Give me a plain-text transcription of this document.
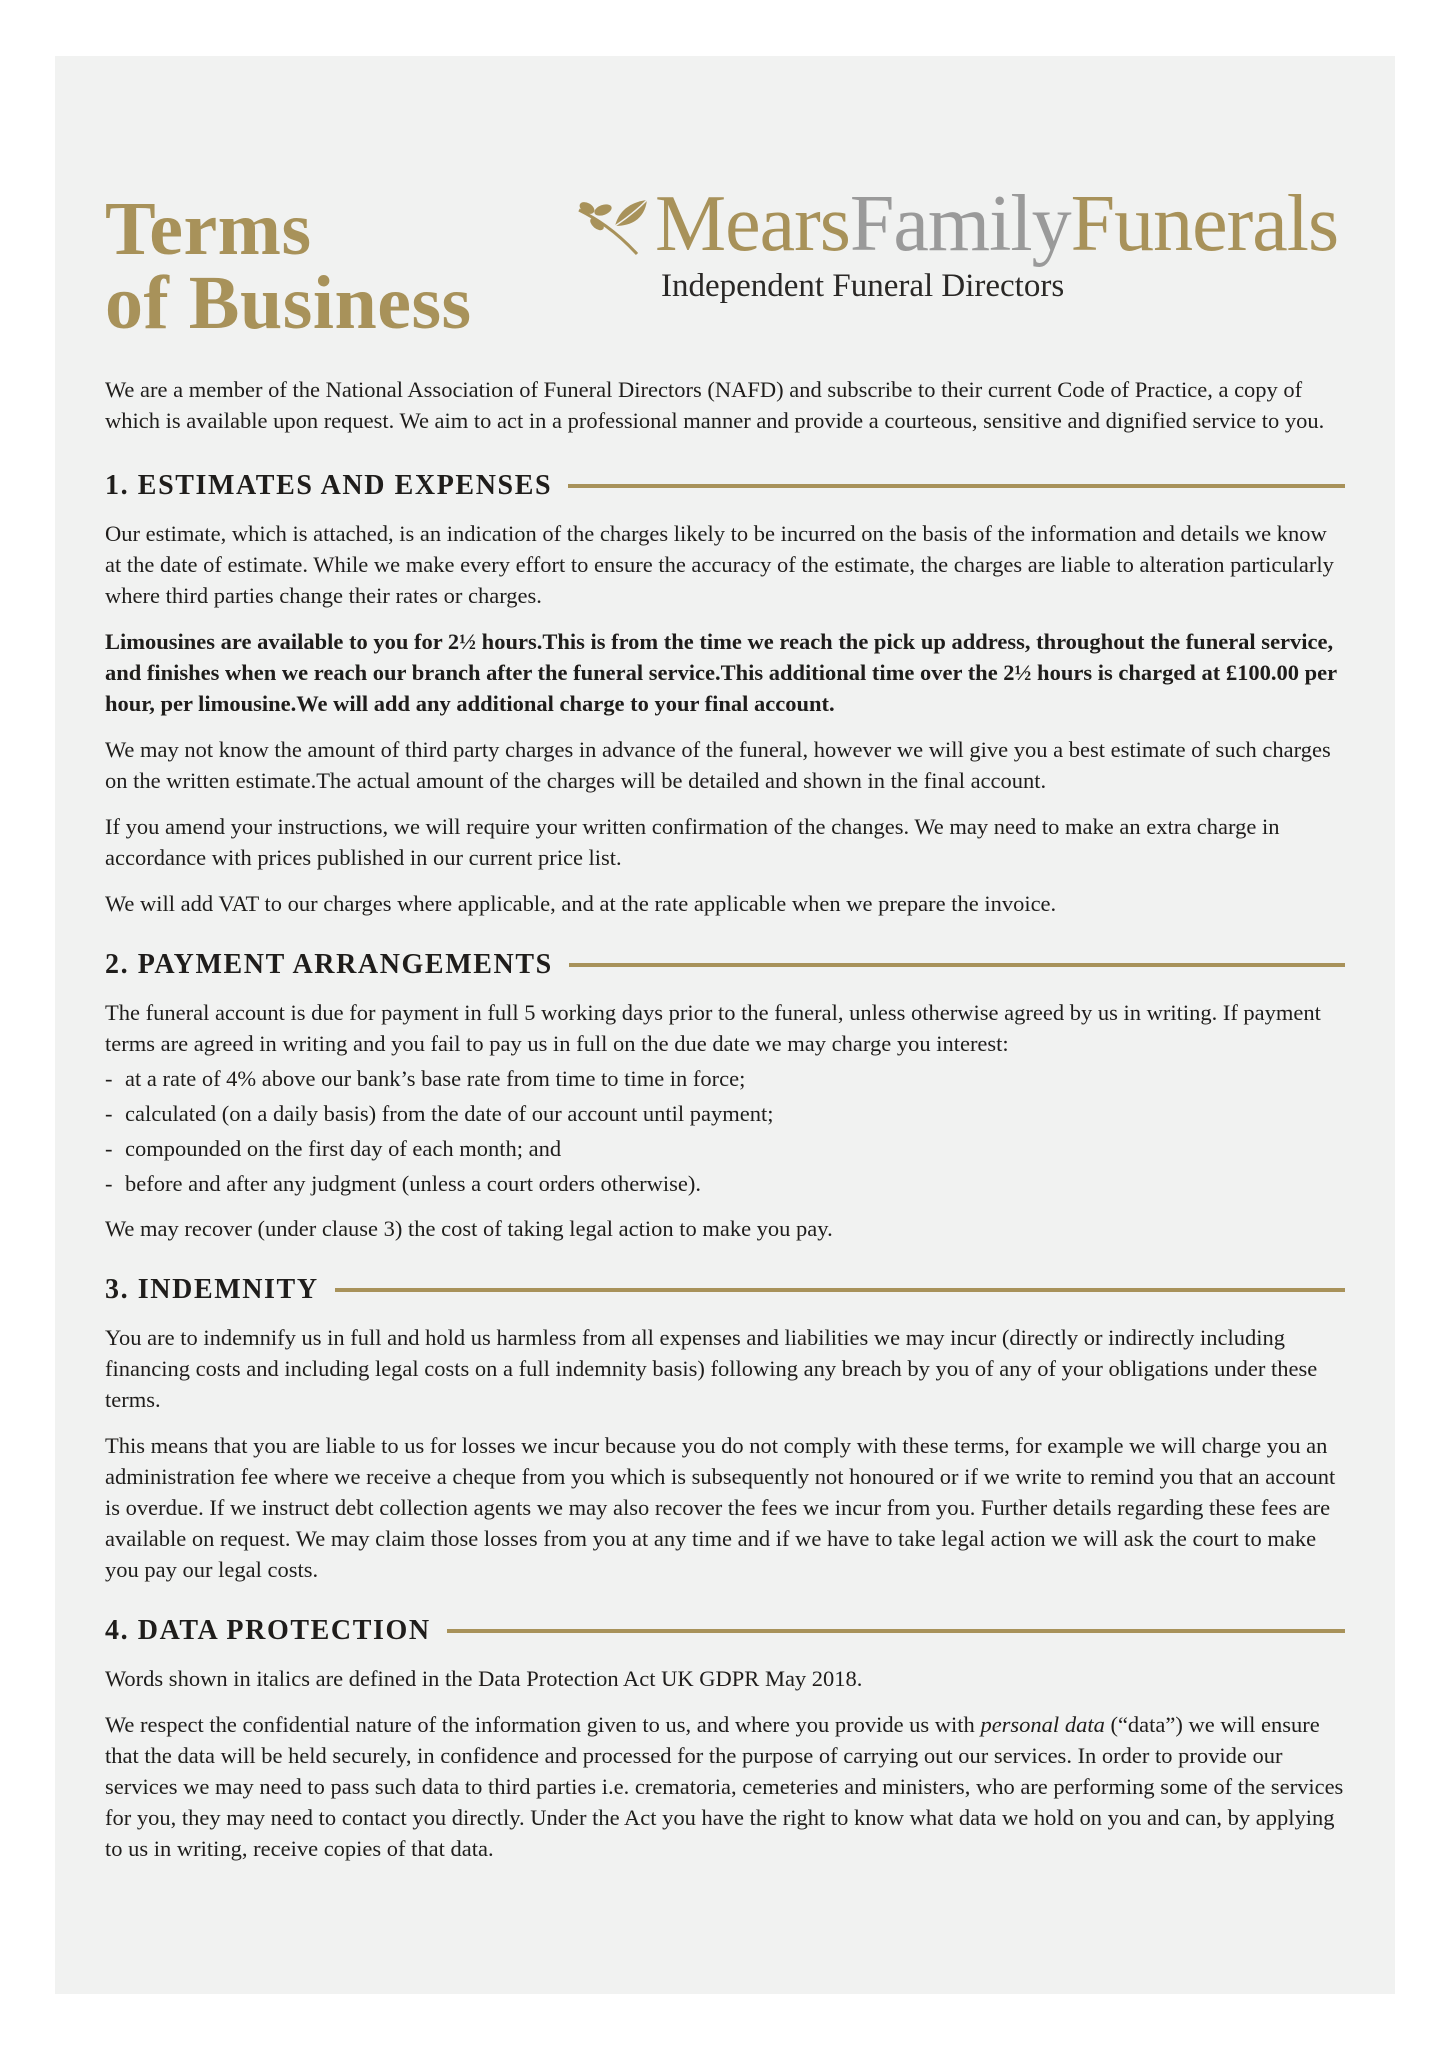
Terms
of Business
MearsFamilyFunerals
Independent Funeral Directors

We are a member of the National Association of Funeral Directors (NAFD) and subscribe to their current Code of Practice, a copy of which is available upon request. We aim to act in a professional manner and provide a courteous, sensitive and dignified service to you.

1. ESTIMATES AND EXPENSES

Our estimate, which is attached, is an indication of the charges likely to be incurred on the basis of the information and details we know at the date of estimate. While we make every effort to ensure the accuracy of the estimate, the charges are liable to alteration particularly where third parties change their rates or charges.

Limousines are available to you for 2½ hours.This is from the time we reach the pick up address, throughout the funeral service, and finishes when we reach our branch after the funeral service.This additional time over the 2½ hours is charged at £100.00 per hour, per limousine.We will add any additional charge to your final account.

We may not know the amount of third party charges in advance of the funeral, however we will give you a best estimate of such charges on the written estimate.The actual amount of the charges will be detailed and shown in the final account.

If you amend your instructions, we will require your written confirmation of the changes. We may need to make an extra charge in accordance with prices published in our current price list.

We will add VAT to our charges where applicable, and at the rate applicable when we prepare the invoice.

2. PAYMENT ARRANGEMENTS

The funeral account is due for payment in full 5 working days prior to the funeral, unless otherwise agreed by us in writing. If payment terms are agreed in writing and you fail to pay us in full on the due date we may charge you interest:

- at a rate of 4% above our bank’s base rate from time to time in force;
- calculated (on a daily basis) from the date of our account until payment;
- compounded on the first day of each month; and
- before and after any judgment (unless a court orders otherwise).

We may recover (under clause 3) the cost of taking legal action to make you pay.

3. INDEMNITY

You are to indemnify us in full and hold us harmless from all expenses and liabilities we may incur (directly or indirectly including financing costs and including legal costs on a full indemnity basis) following any breach by you of any of your obligations under these terms.

This means that you are liable to us for losses we incur because you do not comply with these terms, for example we will charge you an administration fee where we receive a cheque from you which is subsequently not honoured or if we write to remind you that an account is overdue. If we instruct debt collection agents we may also recover the fees we incur from you. Further details regarding these fees are available on request. We may claim those losses from you at any time and if we have to take legal action we will ask the court to make you pay our legal costs.

4. DATA PROTECTION

Words shown in italics are defined in the Data Protection Act UK GDPR May 2018.

We respect the confidential nature of the information given to us, and where you provide us with personal data (“data”) we will ensure that the data will be held securely, in confidence and processed for the purpose of carrying out our services. In order to provide our services we may need to pass such data to third parties i.e. crematoria, cemeteries and ministers, who are performing some of the services for you, they may need to contact you directly. Under the Act you have the right to know what data we hold on you and can, by applying to us in writing, receive copies of that data.
